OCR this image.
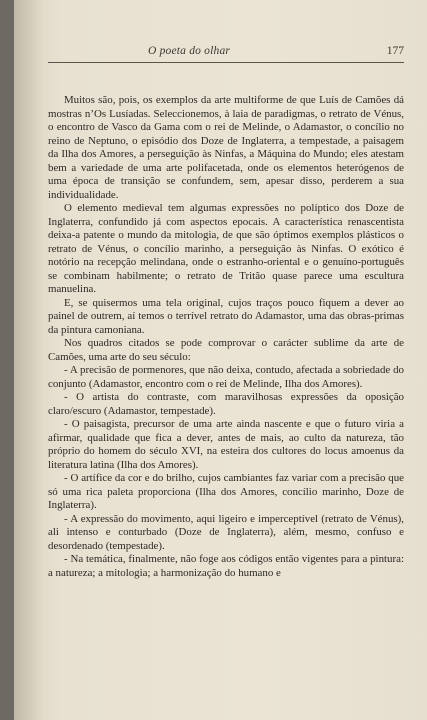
O poeta do olhar	177

Muitos são, pois, os exemplos da arte multiforme de que Luís de Camões dá mostras n’Os Lusíadas. Seleccionemos, à laia de paradigmas, o retrato de Vénus, o encontro de Vasco da Gama com o rei de Melinde, o Adamastor, o concílio no reino de Neptuno, o episódio dos Doze de Inglaterra, a tempestade, a paisagem da Ilha dos Amores, a perseguição às Ninfas, a Máquina do Mundo; eles atestam bem a variedade de uma arte polifacetada, onde os elementos heterógenos de uma época de transição se confundem, sem, apesar disso, perderem a sua individualidade.

O elemento medieval tem algumas expressões no políptico dos Doze de Inglaterra, confundido já com aspectos epocais. A característica renascentista deixa-a patente o mundo da mitologia, de que são óptimos exemplos plásticos o retrato de Vénus, o concílio marinho, a perseguição às Ninfas. O exótico é notório na recepção melindana, onde o estranho-oriental e o genuíno-português se combinam habilmente; o retrato de Tritão quase parece uma escultura manuelina.

E, se quisermos uma tela original, cujos traços pouco fiquem a dever ao painel de outrem, aí temos o terrível retrato do Adamastor, uma das obras-primas da pintura camoniana.

Nos quadros citados se pode comprovar o carácter sublime da arte de Camões, uma arte do seu século:

- A precisão de pormenores, que não deixa, contudo, afectada a sobriedade do conjunto (Adamastor, encontro com o rei de Melinde, Ilha dos Amores).

- O artista do contraste, com maravilhosas expressões da oposição claro/escuro (Adamastor, tempestade).

- O paisagista, precursor de uma arte ainda nascente e que o futuro viria a afirmar, qualidade que fica a dever, antes de mais, ao culto da natureza, tão próprio do homem do século XVI, na esteira dos cultores do locus amoenus da literatura latina (Ilha dos Amores).

- O artífice da cor e do brilho, cujos cambiantes faz variar com a precisão que só uma rica paleta proporciona (Ilha dos Amores, concílio marinho, Doze de Inglaterra).

- A expressão do movimento, aqui ligeiro e imperceptível (retrato de Vénus), ali intenso e conturbado (Doze de Inglaterra), além, mesmo, confuso e desordenado (tempestade).

- Na temática, finalmente, não foge aos códigos então vigentes para a pintura: a natureza; a mitologia; a harmonização do humano e
